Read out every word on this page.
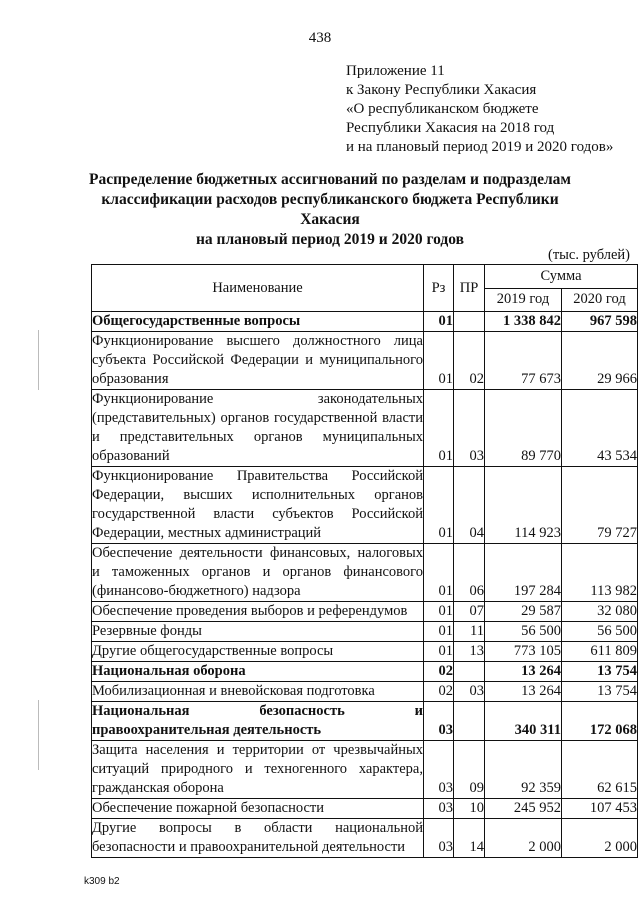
438
Приложение 11
к Закону Республики Хакасия
«О республиканском бюджете
Республики Хакасия на 2018 год
и на плановый период 2019 и 2020 годов»
Распределение бюджетных ассигнований по разделам и подразделам
классификации расходов республиканского бюджета Республики Хакасия
на плановый период 2019 и 2020 годов
(тыс. рублей)
Наименование	Рз	ПР	Сумма	
			2019 год	2020 год
Общегосударственные вопросы	01		1 338 842	967 598
Функционирование высшего должностного лица субъекта Российской Федерации и муниципального образования	01	02	77 673	29 966
Функционирование законодательных (представительных) органов государственной власти и представительных органов муниципальных образований	01	03	89 770	43 534
Функционирование Правительства Российской Федерации, высших исполнительных органов государственной власти субъектов Российской Федерации, местных администраций	01	04	114 923	79 727
Обеспечение деятельности финансовых, налоговых и таможенных органов и органов финансового (финансово-бюджетного) надзора	01	06	197 284	113 982
Обеспечение проведения выборов и референдумов	01	07	29 587	32 080
Резервные фонды	01	11	56 500	56 500
Другие общегосударственные вопросы	01	13	773 105	611 809
Национальная оборона	02		13 264	13 754
Мобилизационная и вневойсковая подготовка	02	03	13 264	13 754
Национальная безопасность и правоохранительная деятельность	03		340 311	172 068
Защита населения и территории от чрезвычайных ситуаций природного и техногенного характера, гражданская оборона	03	09	92 359	62 615
Обеспечение пожарной безопасности	03	10	245 952	107 453
Другие вопросы в области национальной безопасности и правоохранительной деятельности	03	14	2 000	2 000
k309 b2
